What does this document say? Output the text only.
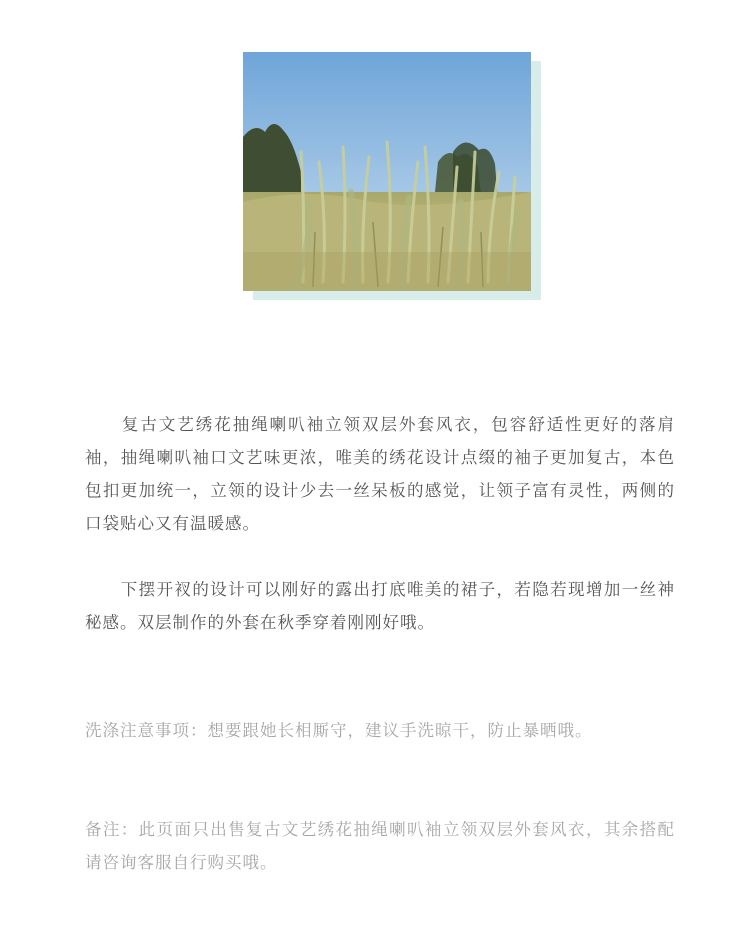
　　复古文艺绣花抽绳喇叭袖立领双层外套风衣，包容舒适性更好的落肩袖，抽绳喇叭袖口文艺味更浓，唯美的绣花设计点缀的袖子更加复古，本色包扣更加统一，立领的设计少去一丝呆板的感觉，让领子富有灵性，两侧的口袋贴心又有温暖感。

　　下摆开衩的设计可以刚好的露出打底唯美的裙子，若隐若现增加一丝神秘感。双层制作的外套在秋季穿着刚刚好哦。

洗涤注意事项：想要跟她长相厮守，建议手洗晾干，防止暴晒哦。

备注：此页面只出售复古文艺绣花抽绳喇叭袖立领双层外套风衣，其余搭配请咨询客服自行购买哦。
